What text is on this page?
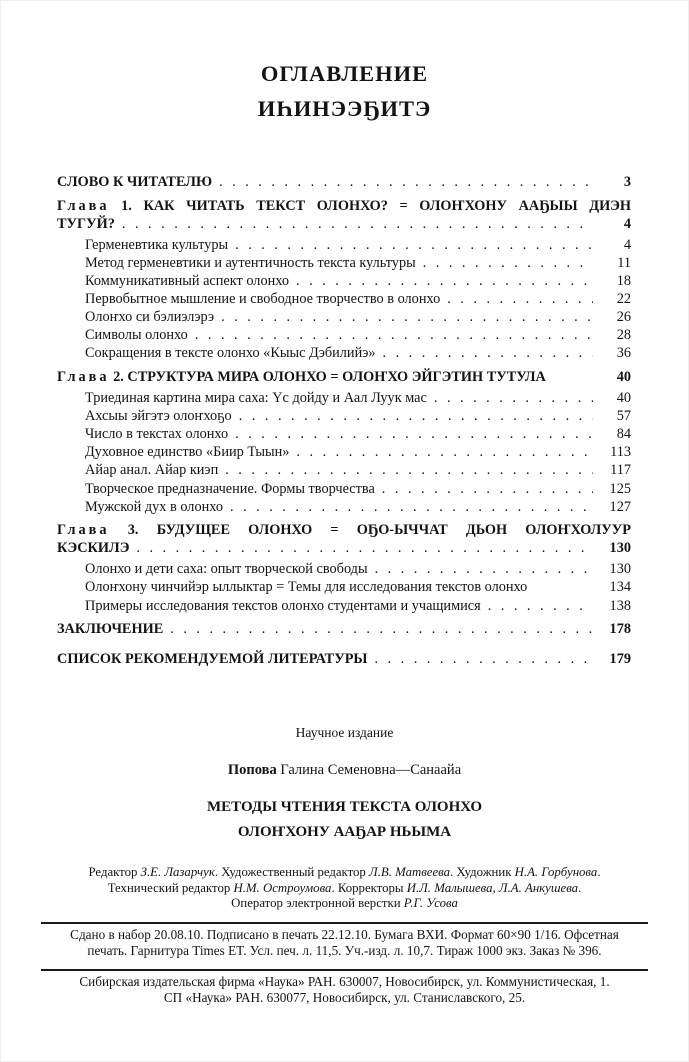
ОГЛАВЛЕНИЕ
ИҺИНЭЭҔИТЭ
СЛОВО К ЧИТАТЕЛЮ .....	3
Глава 1. КАК ЧИТАТЬ ТЕКСТ ОЛОНХО? = ОЛОҤХОНУ ААҔЫЫ ДИЭН
ТУГУЙ? .....	4
Герменевтика культуры .....	4
Метод герменевтики и аутентичность текста культуры .....	11
Коммуникативный аспект олонхо .....	18
Первобытное мышление и свободное творчество в олонхо .....	22
Олоҥхо си бэлиэлэрэ .....	26
Символы олонхо .....	28
Сокращения в тексте олонхо «Кыыс Дэбилийэ» .....	36
Глава 2. СТРУКТУРА МИРА ОЛОНХО = ОЛОҤХО ЭЙГЭТИН ТУТУЛА	40
Триединая картина мира саха: Үс дойду и Аал Луук мас .....	40
Ахсыы эйгэтэ олоҥхоҕо .....	57
Число в текстах олонхо .....	84
Духовное единство «Биир Тыын» .....	113
Айар анал. Айар киэп .....	117
Творческое предназначение. Формы творчества .....	125
Мужской дух в олонхо .....	127
Глава 3. БУДУЩЕЕ ОЛОНХО = ОҔО-ЫЧЧАТ ДЬОН ОЛОҤХОЛУУР
КЭСКИЛЭ .....	130
Олонхо и дети саха: опыт творческой свободы .....	130
Олоҥхону чинчийэр ыллыктар = Темы для исследования текстов олонхо	134
Примеры исследования текстов олонхо студентами и учащимися .....	138
ЗАКЛЮЧЕНИЕ .....	178
СПИСОК РЕКОМЕНДУЕМОЙ ЛИТЕРАТУРЫ .....	179
Научное издание
Попова Галина Семеновна—Санаайа
МЕТОДЫ ЧТЕНИЯ ТЕКСТА ОЛОНХО
ОЛОҤХОНУ ААҔАР НЬЫМА
Редактор З.Е. Лазарчук. Художественный редактор Л.В. Матвеева. Художник Н.А. Горбунова.
Технический редактор Н.М. Остроумова. Корректоры И.Л. Малышева, Л.А. Анкушева.
Оператор электронной верстки Р.Г. Усова
Сдано в набор 20.08.10. Подписано в печать 22.12.10. Бумага ВХИ. Формат 60×90 1/16. Офсетная
печать. Гарнитура Times ET. Усл. печ. л. 11,5. Уч.-изд. л. 10,7. Тираж 1000 экз. Заказ № 396.
Сибирская издательская фирма «Наука» РАН. 630007, Новосибирск, ул. Коммунистическая, 1.
СП «Наука» РАН. 630077, Новосибирск, ул. Станиславского, 25.
